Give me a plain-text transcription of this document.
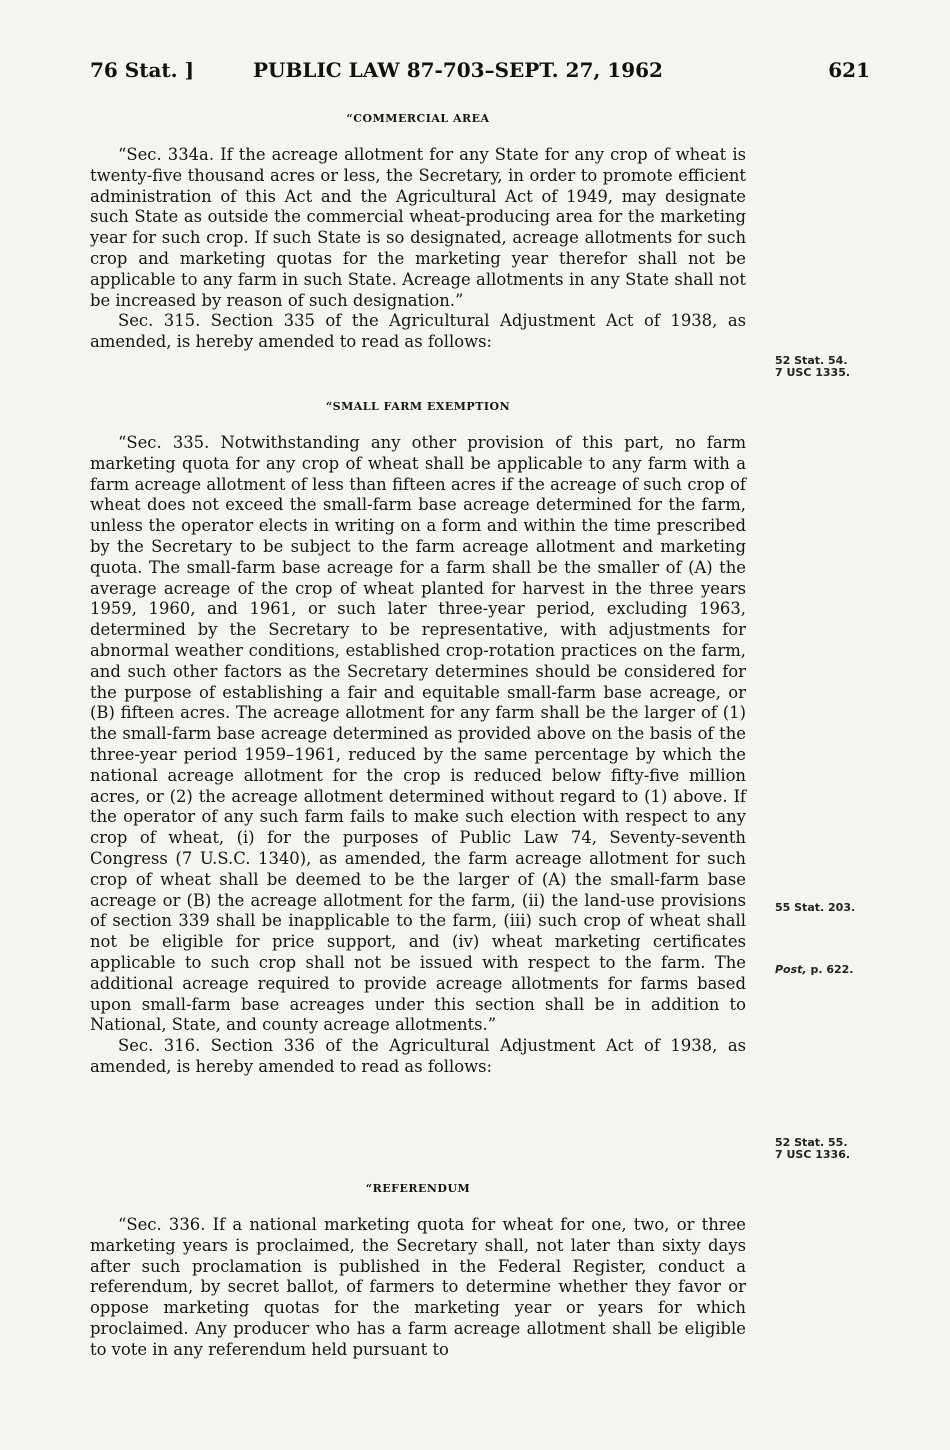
76 Stat. ]	PUBLIC LAW 87-703–SEPT. 27, 1962	621
“COMMERCIAL AREA

“Sec. 334a. If the acreage allotment for any State for any crop of wheat is twenty-five thousand acres or less, the Secretary, in order to promote efficient administration of this Act and the Agricultural Act of 1949, may designate such State as outside the commercial wheat-producing area for the marketing year for such crop. If such State is so designated, acreage allotments for such crop and marketing quotas for the marketing year therefor shall not be applicable to any farm in such State. Acreage allotments in any State shall not be increased by reason of such designation.”

Sec. 315. Section 335 of the Agricultural Adjustment Act of 1938, as amended, is hereby amended to read as follows:

52 Stat. 54.
7 USC 1335.
“SMALL FARM EXEMPTION

“Sec. 335. Notwithstanding any other provision of this part, no farm marketing quota for any crop of wheat shall be applicable to any farm with a farm acreage allotment of less than fifteen acres if the acreage of such crop of wheat does not exceed the small-farm base acreage determined for the farm, unless the operator elects in writing on a form and within the time prescribed by the Secretary to be subject to the farm acreage allotment and marketing quota. The small-farm base acreage for a farm shall be the smaller of (A) the average acreage of the crop of wheat planted for harvest in the three years 1959, 1960, and 1961, or such later three-year period, excluding 1963, determined by the Secretary to be representative, with adjustments for abnormal weather conditions, established crop-rotation practices on the farm, and such other factors as the Secretary determines should be considered for the purpose of establishing a fair and equitable small-farm base acreage, or (B) fifteen acres. The acreage allotment for any farm shall be the larger of (1) the small-farm base acreage determined as provided above on the basis of the three-year period 1959–1961, reduced by the same percentage by which the national acreage allotment for the crop is reduced below fifty-five million acres, or (2) the acreage allotment determined without regard to (1) above. If the operator of any such farm fails to make such election with respect to any crop of wheat, (i) for the purposes of Public Law 74, Seventy-seventh Congress (7 U.S.C. 1340), as amended, the farm acreage allotment for such crop of wheat shall be deemed to be the larger of (A) the small-farm base acreage or (B) the acreage allotment for the farm, (ii) the land-use provisions of section 339 shall be inapplicable to the farm, (iii) such crop of wheat shall not be eligible for price support, and (iv) wheat marketing certificates applicable to such crop shall not be issued with respect to the farm. The additional acreage required to provide acreage allotments for farms based upon small-farm base acreages under this section shall be in addition to National, State, and county acreage allotments.”

Sec. 316. Section 336 of the Agricultural Adjustment Act of 1938, as amended, is hereby amended to read as follows:

55 Stat. 203.
Post, p. 622.
52 Stat. 55.
7 USC 1336.
“REFERENDUM

“Sec. 336. If a national marketing quota for wheat for one, two, or three marketing years is proclaimed, the Secretary shall, not later than sixty days after such proclamation is published in the Federal Register, conduct a referendum, by secret ballot, of farmers to determine whether they favor or oppose marketing quotas for the marketing year or years for which proclaimed. Any producer who has a farm acreage allotment shall be eligible to vote in any referendum held pursuant to
